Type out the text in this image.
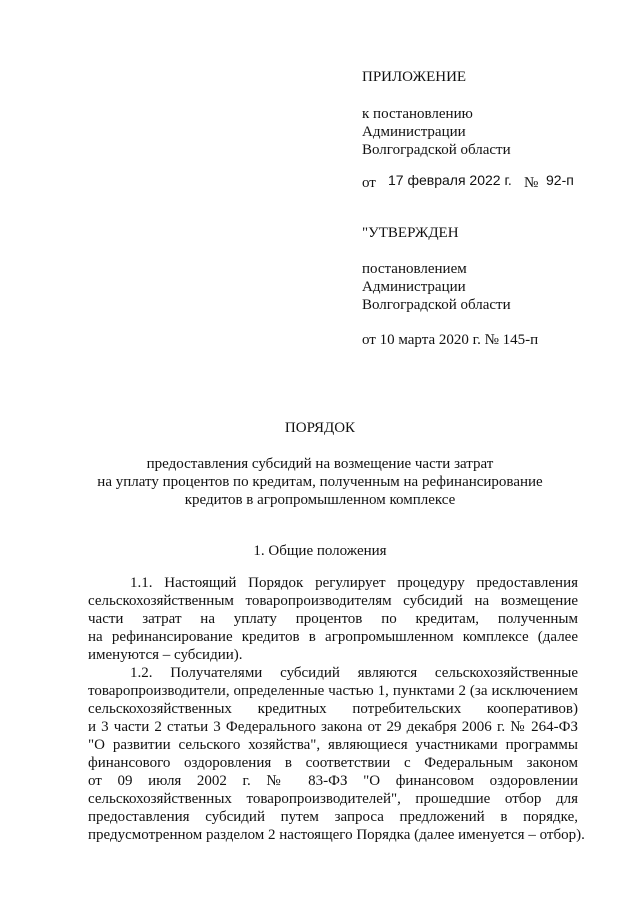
ПРИЛОЖЕНИЕ
к постановлению
Администрации
Волгоградской области
от 17 февраля 2022 г. № 92-п
"УТВЕРЖДЕН
постановлением
Администрации
Волгоградской области
от 10 марта 2020 г. № 145-п
ПОРЯДОК
предоставления субсидий на возмещение части затрат
на уплату процентов по кредитам, полученным на рефинансирование
кредитов в агропромышленном комплексе
1. Общие положения
1.1. Настоящий Порядок регулирует процедуру предоставления
сельскохозяйственным товаропроизводителям субсидий на возмещение
части затрат на уплату процентов по кредитам, полученным
на рефинансирование кредитов в агропромышленном комплексе (далее
именуются – субсидии).
1.2. Получателями субсидий являются сельскохозяйственные
товаропроизводители, определенные частью 1, пунктами 2 (за исключением
сельскохозяйственных кредитных потребительских кооперативов)
и 3 части 2 статьи 3 Федерального закона от 29 декабря 2006 г. № 264-ФЗ
"О развитии сельского хозяйства", являющиеся участниками программы
финансового оздоровления в соответствии с Федеральным законом
от 09 июля 2002 г. № 83-ФЗ "О финансовом оздоровлении
сельскохозяйственных товаропроизводителей", прошедшие отбор для
предоставления субсидий путем запроса предложений в порядке,
предусмотренном разделом 2 настоящего Порядка (далее именуется – отбор).
